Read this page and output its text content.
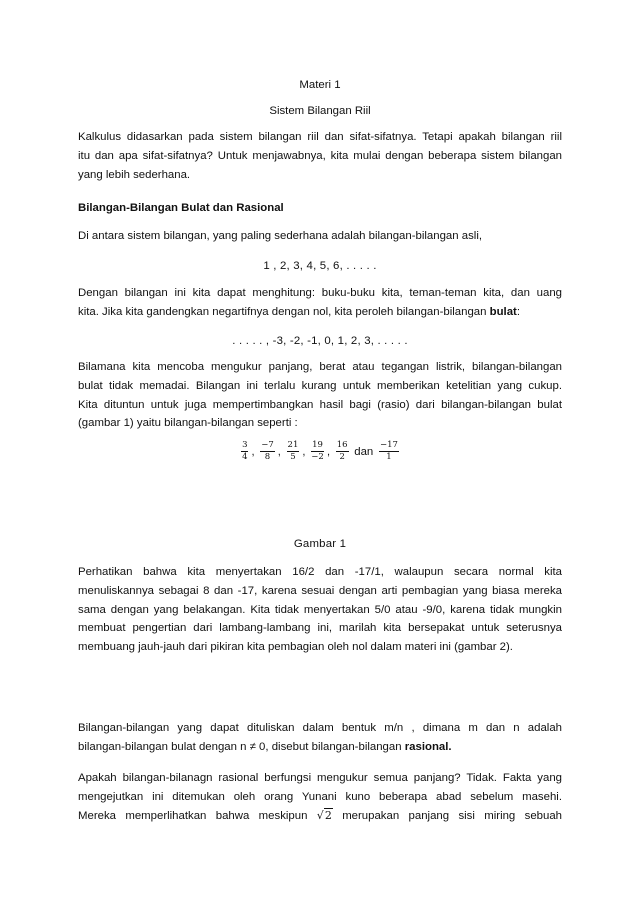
Materi 1
Sistem Bilangan Riil

Kalkulus didasarkan pada sistem bilangan riil dan sifat-sifatnya. Tetapi apakah bilangan riil
itu dan apa sifat-sifatnya? Untuk menjawabnya, kita mulai dengan beberapa sistem bilangan
yang lebih sederhana.

Bilangan-Bilangan Bulat dan Rasional

Di antara sistem bilangan, yang paling sederhana adalah bilangan-bilangan asli,

1 , 2, 3, 4, 5, 6, . . . . .

Dengan bilangan ini kita dapat menghitung: buku-buku kita, teman-teman kita, dan uang
kita. Jika kita gandengkan negartifnya dengan nol, kita peroleh bilangan-bilangan bulat:

. . . . . , -3, -2, -1, 0, 1, 2, 3, . . . . .

Bilamana kita mencoba mengukur panjang, berat atau tegangan listrik, bilangan-bilangan
bulat tidak memadai. Bilangan ini terlalu kurang untuk memberikan ketelitian yang cukup.
Kita dituntun untuk juga mempertimbangkan hasil bagi (rasio) dari bilangan-bilangan bulat
(gambar 1) yaitu bilangan-bilangan seperti :

$\frac{3}{4}$ , $\frac{-7}{8}$ , $\frac{21}{5}$ , $\frac{19}{-2}$ , $\frac{16}{2}$ dan $\frac{-17}{1}$
Gambar 1

Perhatikan bahwa kita menyertakan 16/2 dan -17/1, walaupun secara normal kita
menuliskannya sebagai 8 dan -17, karena sesuai dengan arti pembagian yang biasa mereka
sama dengan yang belakangan. Kita tidak menyertakan 5/0 atau -9/0, karena tidak mungkin
membuat pengertian dari lambang-lambang ini, marilah kita bersepakat untuk seterusnya
membuang jauh-jauh dari pikiran kita pembagian oleh nol dalam materi ini (gambar 2).

Bilangan-bilangan yang dapat dituliskan dalam bentuk m/n , dimana m dan n adalah
bilangan-bilangan bulat dengan n ≠ 0, disebut bilangan-bilangan rasional.

Apakah bilangan-bilanagn rasional berfungsi mengukur semua panjang? Tidak. Fakta yang
mengejutkan ini ditemukan oleh orang Yunani kuno beberapa abad sebelum masehi.
Mereka memperlihatkan bahwa meskipun √2 merupakan panjang sisi miring sebuah
